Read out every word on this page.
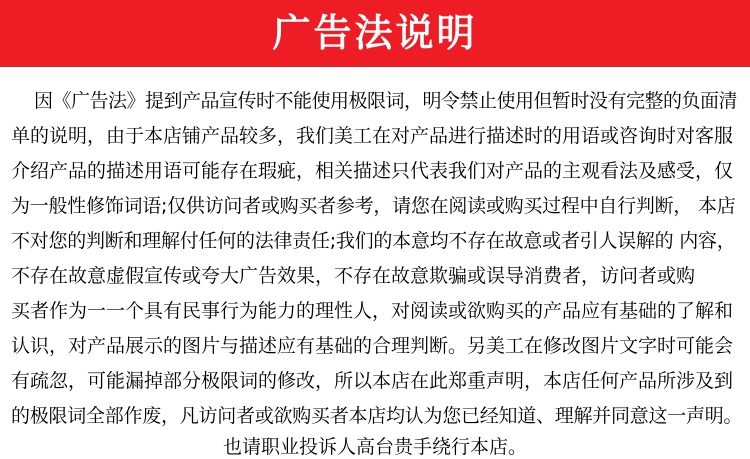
广告法说明
因《广告法》提到产品宣传时不能使用极限词，明令禁止使用但暂时没有完整的负面清
单的说明，由于本店铺产品较多，我们美工在对产品进行描述时的用语或咨询时对客服
介绍产品的描述用语可能存在瑕疵，相关描述只代表我们对产品的主观看法及感受，仅
为一般性修饰词语;仅供访问者或购买者参考，请您在阅读或购买过程中自行判断， 本店
不对您的判断和理解付任何的法律责任;我们的本意均不存在故意或者引人误解的 内容，
不存在故意虚假宣传或夸大广告效果，不存在故意欺骗或误导消费者，访问者或购
买者作为一一个具有民事行为能力的理性人，对阅读或欲购买的产品应有基础的了解和
认识，对产品展示的图片与描述应有基础的合理判断。另美工在修改图片文字时可能会
有疏忽，可能漏掉部分极限词的修改，所以本店在此郑重声明，本店任何产品所涉及到
的极限词全部作废，凡访问者或欲购买者本店均认为您已经知道、理解并同意这一声明。
也请职业投诉人高台贵手绕行本店。
